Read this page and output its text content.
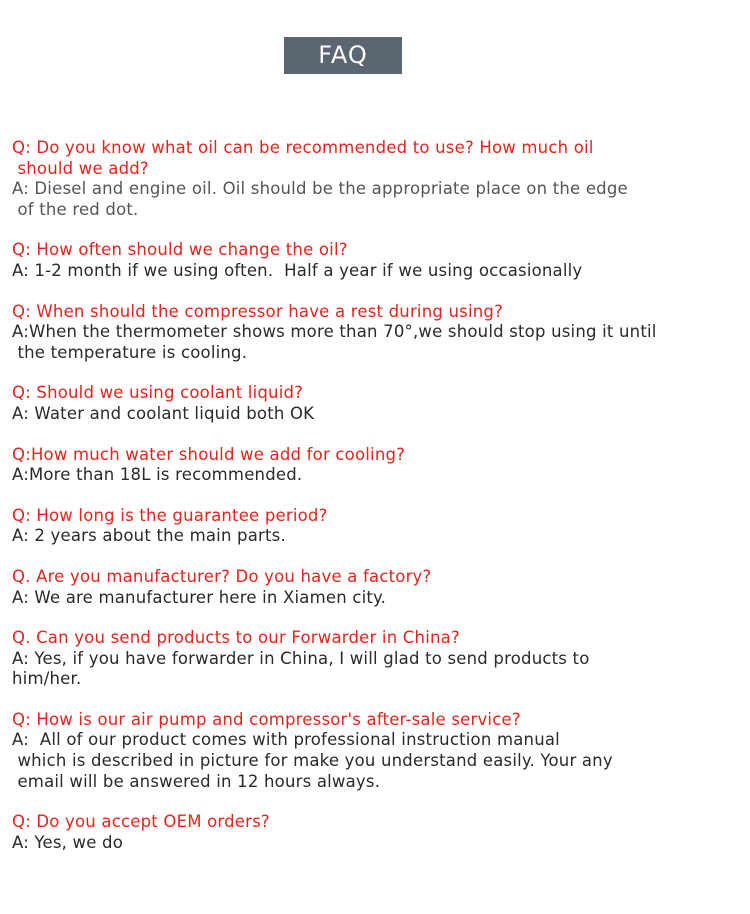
FAQ
Q: Do you know what oil can be recommended to use? How much oil
should we add?
A: Diesel and engine oil. Oil should be the appropriate place on the edge
of the red dot.
Q: How often should we change the oil?
A: 1-2 month if we using often.  Half a year if we using occasionally
Q: When should the compressor have a rest during using?
A:When the thermometer shows more than 70°,we should stop using it until
the temperature is cooling.
Q: Should we using coolant liquid?
A: Water and coolant liquid both OK
Q:How much water should we add for cooling?
A:More than 18L is recommended.
Q: How long is the guarantee period?
A: 2 years about the main parts.
Q. Are you manufacturer? Do you have a factory?
A: We are manufacturer here in Xiamen city.
Q. Can you send products to our Forwarder in China?
A: Yes, if you have forwarder in China, I will glad to send products to
him/her.
Q: How is our air pump and compressor's after-sale service?
A:  All of our product comes with professional instruction manual
which is described in picture for make you understand easily. Your any
email will be answered in 12 hours always.
Q: Do you accept OEM orders?
A: Yes, we do
